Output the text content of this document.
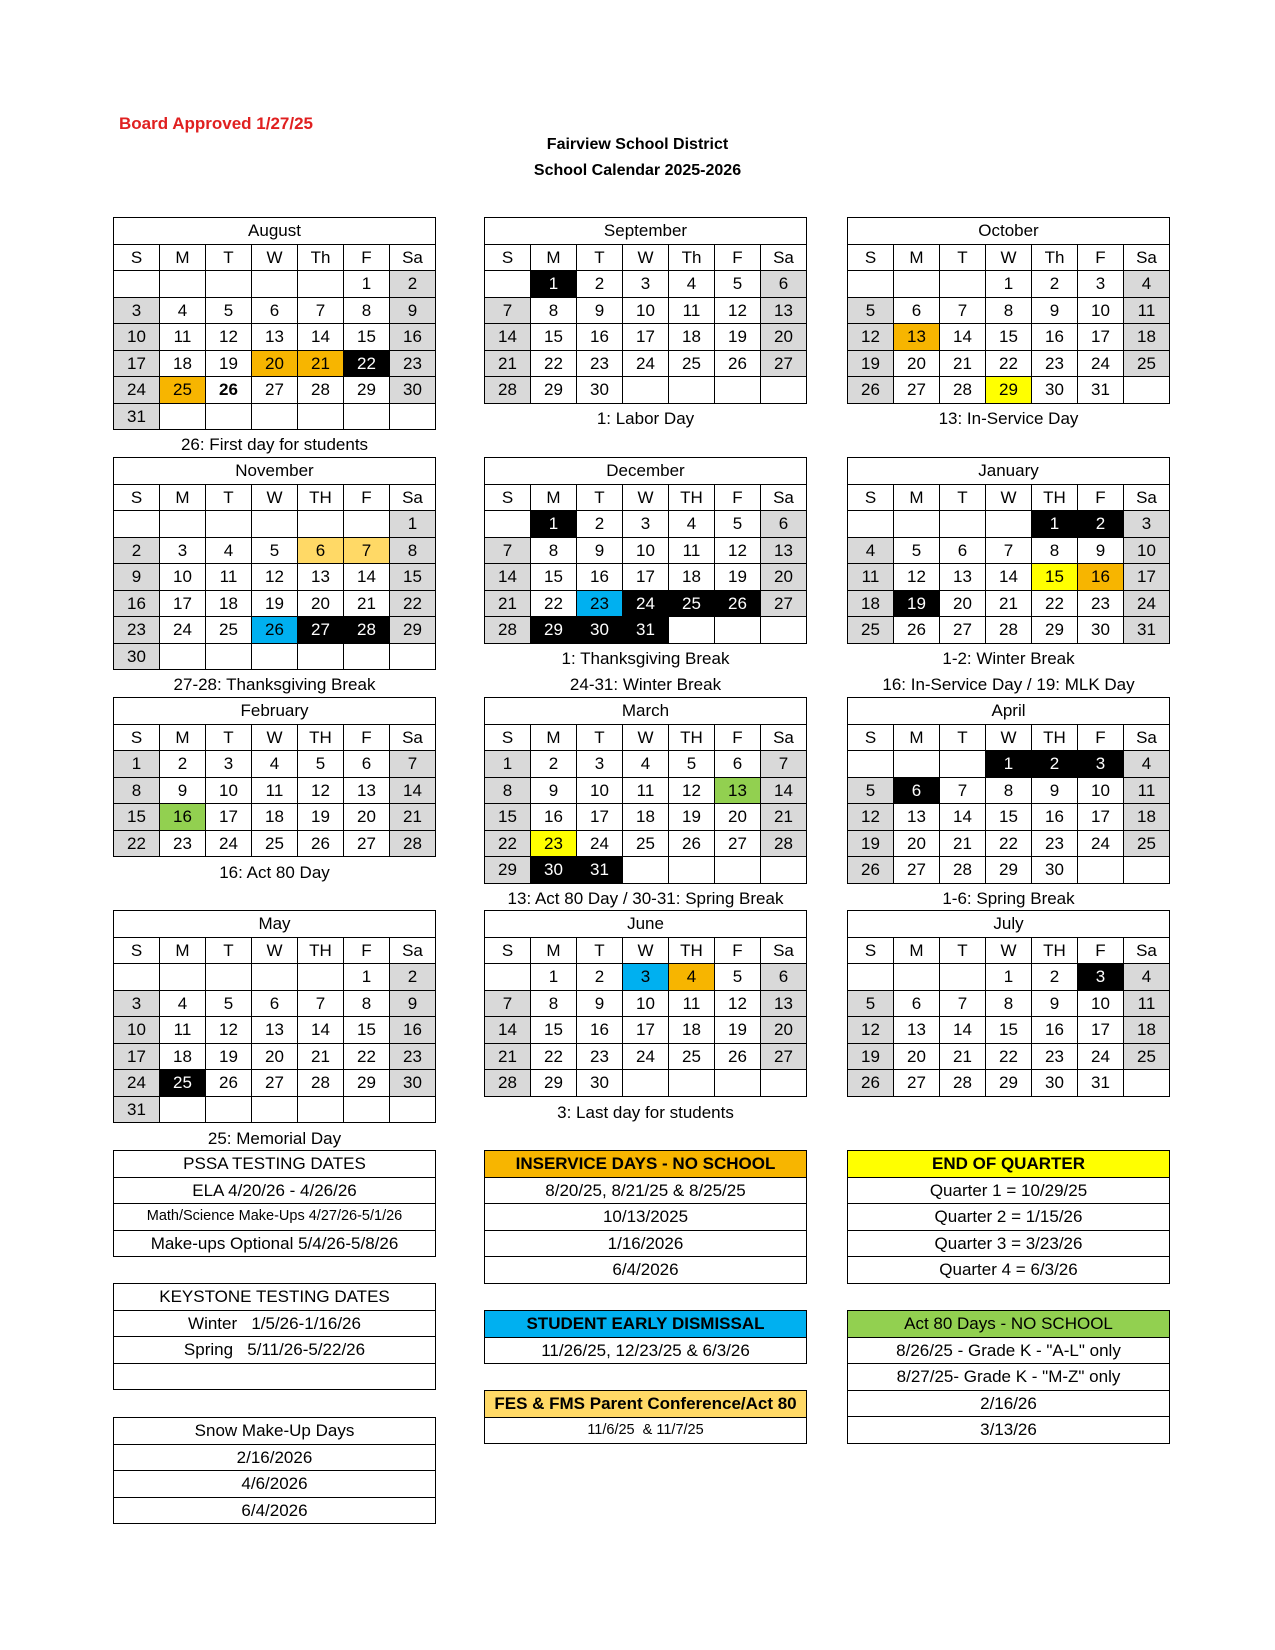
Board Approved 1/27/25
Fairview School District
School Calendar 2025-2026
August						
S	M	T	W	Th	F	Sa
					1	2
3	4	5	6	7	8	9
10	11	12	13	14	15	16
17	18	19	20	21	22	23
24	25	26	27	28	29	30
31						
September						
S	M	T	W	Th	F	Sa
	1	2	3	4	5	6
7	8	9	10	11	12	13
14	15	16	17	18	19	20
21	22	23	24	25	26	27
28	29	30				
October						
S	M	T	W	Th	F	Sa
			1	2	3	4
5	6	7	8	9	10	11
12	13	14	15	16	17	18
19	20	21	22	23	24	25
26	27	28	29	30	31	
November						
S	M	T	W	TH	F	Sa
						1
2	3	4	5	6	7	8
9	10	11	12	13	14	15
16	17	18	19	20	21	22
23	24	25	26	27	28	29
30						
December						
S	M	T	W	TH	F	Sa
	1	2	3	4	5	6
7	8	9	10	11	12	13
14	15	16	17	18	19	20
21	22	23	24	25	26	27
28	29	30	31			
January						
S	M	T	W	TH	F	Sa
				1	2	3
4	5	6	7	8	9	10
11	12	13	14	15	16	17
18	19	20	21	22	23	24
25	26	27	28	29	30	31
February						
S	M	T	W	TH	F	Sa
1	2	3	4	5	6	7
8	9	10	11	12	13	14
15	16	17	18	19	20	21
22	23	24	25	26	27	28
March						
S	M	T	W	TH	F	Sa
1	2	3	4	5	6	7
8	9	10	11	12	13	14
15	16	17	18	19	20	21
22	23	24	25	26	27	28
29	30	31				
April						
S	M	T	W	TH	F	Sa
			1	2	3	4
5	6	7	8	9	10	11
12	13	14	15	16	17	18
19	20	21	22	23	24	25
26	27	28	29	30		
May						
S	M	T	W	TH	F	Sa
					1	2
3	4	5	6	7	8	9
10	11	12	13	14	15	16
17	18	19	20	21	22	23
24	25	26	27	28	29	30
31						
June						
S	M	T	W	TH	F	Sa
	1	2	3	4	5	6
7	8	9	10	11	12	13
14	15	16	17	18	19	20
21	22	23	24	25	26	27
28	29	30				
July						
S	M	T	W	TH	F	Sa
			1	2	3	4
5	6	7	8	9	10	11
12	13	14	15	16	17	18
19	20	21	22	23	24	25
26	27	28	29	30	31	
26: First day for students
1: Labor Day	13: In-Service Day
27-28: Thanksgiving Break
1: Thanksgiving Break
24-31: Winter Break
1-2: Winter Break
16: In-Service Day / 19: MLK Day
16: Act 80 Day
13: Act 80 Day / 30-31: Spring Break	1-6: Spring Break
25: Memorial Day
3: Last day for students
PSSA TESTING DATES
ELA 4/20/26 - 4/26/26
Math/Science Make-Ups 4/27/26-5/1/26
Make-ups Optional 5/4/26-5/8/26
INSERVICE DAYS - NO SCHOOL
8/20/25, 8/21/25 & 8/25/25
10/13/2025
1/16/2026
6/4/2026
END OF QUARTER
Quarter 1 = 10/29/25
Quarter 2 = 1/15/26
Quarter 3 = 3/23/26
Quarter 4 = 6/3/26
KEYSTONE TESTING DATES
Winter   1/5/26-1/16/26
Spring   5/11/26-5/22/26

STUDENT EARLY DISMISSAL
11/26/25, 12/23/25 & 6/3/26
Act 80 Days - NO SCHOOL
8/26/25 - Grade K - "A-L" only
8/27/25- Grade K - "M-Z" only
2/16/26
3/13/26
FES & FMS Parent Conference/Act 80
11/6/25  & 11/7/25
Snow Make-Up Days
2/16/2026
4/6/2026
6/4/2026
